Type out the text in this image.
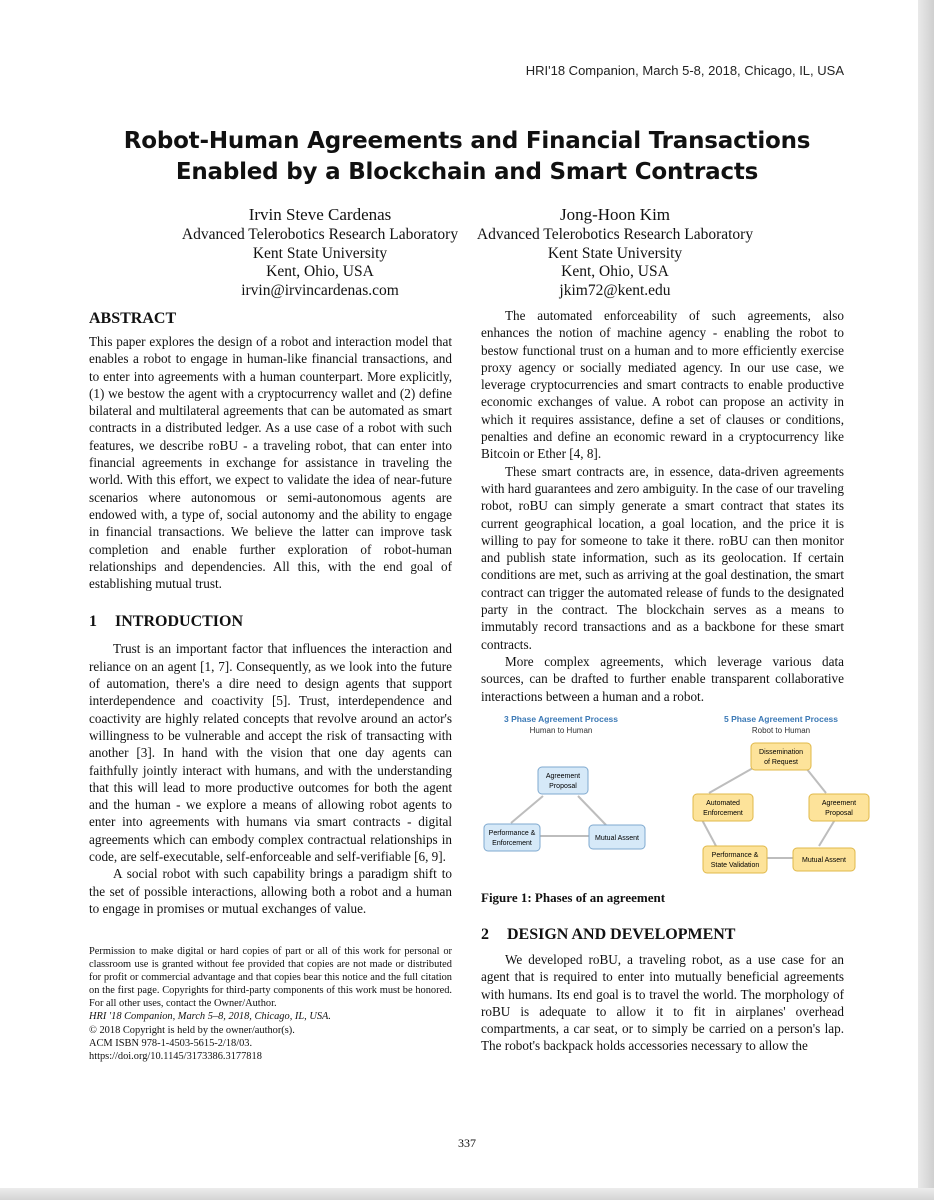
HRI'18 Companion, March 5-8, 2018, Chicago, IL, USA
Robot-Human Agreements and Financial Transactions
Enabled by a Blockchain and Smart Contracts
Irvin Steve Cardenas
Advanced Telerobotics Research Laboratory
Kent State University
Kent, Ohio, USA
irvin@irvincardenas.com
Jong-Hoon Kim
Advanced Telerobotics Research Laboratory
Kent State University
Kent, Ohio, USA
jkim72@kent.edu
ABSTRACT

This paper explores the design of a robot and interaction model that enables a robot to engage in human-like financial transactions, and to enter into agreements with a human counterpart. More explicitly, (1) we bestow the agent with a cryptocurrency wallet and (2) define bilateral and multilateral agreements that can be automated as smart contracts in a distributed ledger. As a use case of a robot with such features, we describe roBU - a traveling robot, that can enter into financial agreements in exchange for assistance in traveling the world. With this effort, we expect to validate the idea of near-future scenarios where autonomous or semi-autonomous agents are endowed with, a type of, social autonomy and the ability to engage in financial transactions. We believe the latter can improve task completion and enable further exploration of robot-human relationships and dependencies. All this, with the end goal of establishing mutual trust.

1 INTRODUCTION

Trust is an important factor that influences the interaction and reliance on an agent [1, 7]. Consequently, as we look into the future of automation, there's a dire need to design agents that support interdependence and coactivity [5]. Trust, interdependence and coactivity are highly related concepts that revolve around an actor's willingness to be vulnerable and accept the risk of transacting with another [3]. In hand with the vision that one day agents can faithfully jointly interact with humans, and with the understanding that this will lead to more productive outcomes for both the agent and the human - we explore a means of allowing robot agents to enter into agreements with humans via smart contracts - digital agreements which can embody complex contractual relationships in code, are self-executable, self-enforceable and self-verifiable [6, 9].

A social robot with such capability brings a paradigm shift to the set of possible interactions, allowing both a robot and a human to engage in promises or mutual exchanges of value.

Permission to make digital or hard copies of part or all of this work for personal or classroom use is granted without fee provided that copies are not made or distributed for profit or commercial advantage and that copies bear this notice and the full citation on the first page. Copyrights for third-party components of this work must be honored. For all other uses, contact the Owner/Author.

HRI '18 Companion, March 5–8, 2018, Chicago, IL, USA.

© 2018 Copyright is held by the owner/author(s).

ACM ISBN 978-1-4503-5615-2/18/03.

https://doi.org/10.1145/3173386.3177818

The automated enforceability of such agreements, also enhances the notion of machine agency - enabling the robot to bestow functional trust on a human and to more efficiently exercise proxy agency or socially mediated agency. In our use case, we leverage cryptocurrencies and smart contracts to enable productive economic exchanges of value. A robot can propose an activity in which it requires assistance, define a set of clauses or conditions, penalties and define an economic reward in a cryptocurrency like Bitcoin or Ether [4, 8].

These smart contracts are, in essence, data-driven agreements with hard guarantees and zero ambiguity. In the case of our traveling robot, roBU can simply generate a smart contract that states its current geographical location, a goal location, and the price it is willing to pay for someone to take it there. roBU can then monitor and publish state information, such as its geolocation. If certain conditions are met, such as arriving at the goal destination, the smart contract can trigger the automated release of funds to the designated party in the contract. The blockchain serves as a means to immutably record transactions and as a backbone for these smart contracts.

More complex agreements, which leverage various data sources, can be drafted to further enable transparent collaborative interactions between a human and a robot.

3 Phase Agreement Process
Human to Human
Agreement
Proposal
Performance &
Enforcement
Mutual Assent
5 Phase Agreement Process
Robot to Human
Dissemination
of Request
Automated
Enforcement
Agreement
Proposal
Performance &
State Validation
Mutual Assent
Figure 1: Phases of an agreement
2 DESIGN AND DEVELOPMENT

We developed roBU, a traveling robot, as a use case for an agent that is required to enter into mutually beneficial agreements with humans. Its end goal is to travel the world. The morphology of roBU is adequate to allow it to fit in airplanes' overhead compartments, a car seat, or to simply be carried on a person's lap. The robot's backpack holds accessories necessary to allow the

337
